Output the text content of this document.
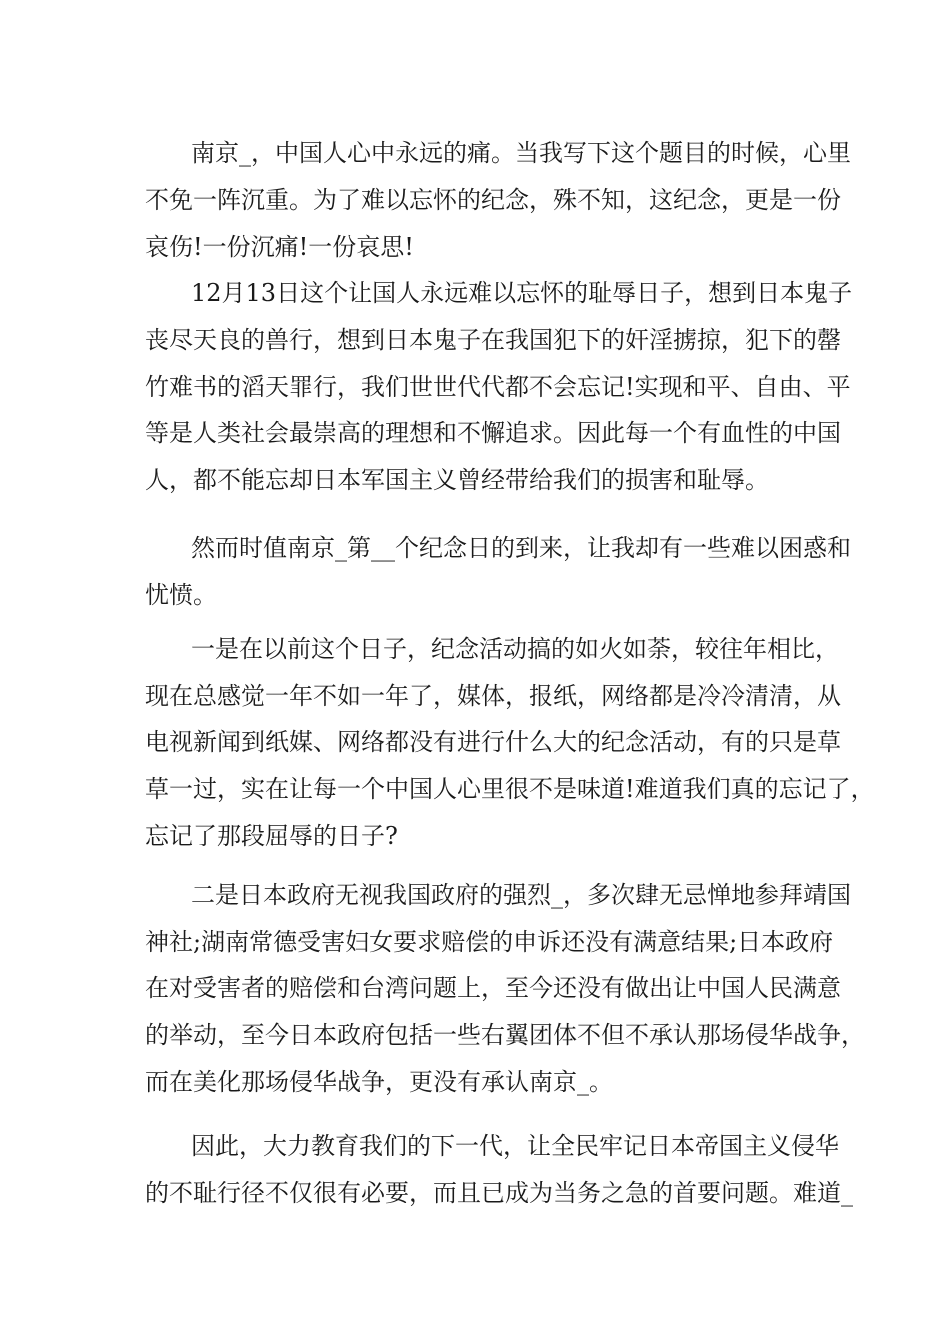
南京_，中国人心中永远的痛。当我写下这个题目的时候，心里
不免一阵沉重。为了难以忘怀的纪念，殊不知，这纪念，更是一份
哀伤!一份沉痛!一份哀思!
12月13日这个让国人永远难以忘怀的耻辱日子，想到日本鬼子
丧尽天良的兽行，想到日本鬼子在我国犯下的奸淫掳掠，犯下的罄
竹难书的滔天罪行，我们世世代代都不会忘记!实现和平、自由、平
等是人类社会最崇高的理想和不懈追求。因此每一个有血性的中国
人，都不能忘却日本军国主义曾经带给我们的损害和耻辱。
然而时值南京_第__个纪念日的到来，让我却有一些难以困惑和
忧愤。
一是在以前这个日子，纪念活动搞的如火如荼，较往年相比，
现在总感觉一年不如一年了，媒体，报纸，网络都是冷冷清清，从
电视新闻到纸媒、网络都没有进行什么大的纪念活动，有的只是草
草一过，实在让每一个中国人心里很不是味道!难道我们真的忘记了，
忘记了那段屈辱的日子?
二是日本政府无视我国政府的强烈_，多次肆无忌惮地参拜靖国
神社;湖南常德受害妇女要求赔偿的申诉还没有满意结果;日本政府
在对受害者的赔偿和台湾问题上，至今还没有做出让中国人民满意
的举动，至今日本政府包括一些右翼团体不但不承认那场侵华战争，
而在美化那场侵华战争，更没有承认南京_。
因此，大力教育我们的下一代，让全民牢记日本帝国主义侵华
的不耻行径不仅很有必要，而且已成为当务之急的首要问题。难道_
